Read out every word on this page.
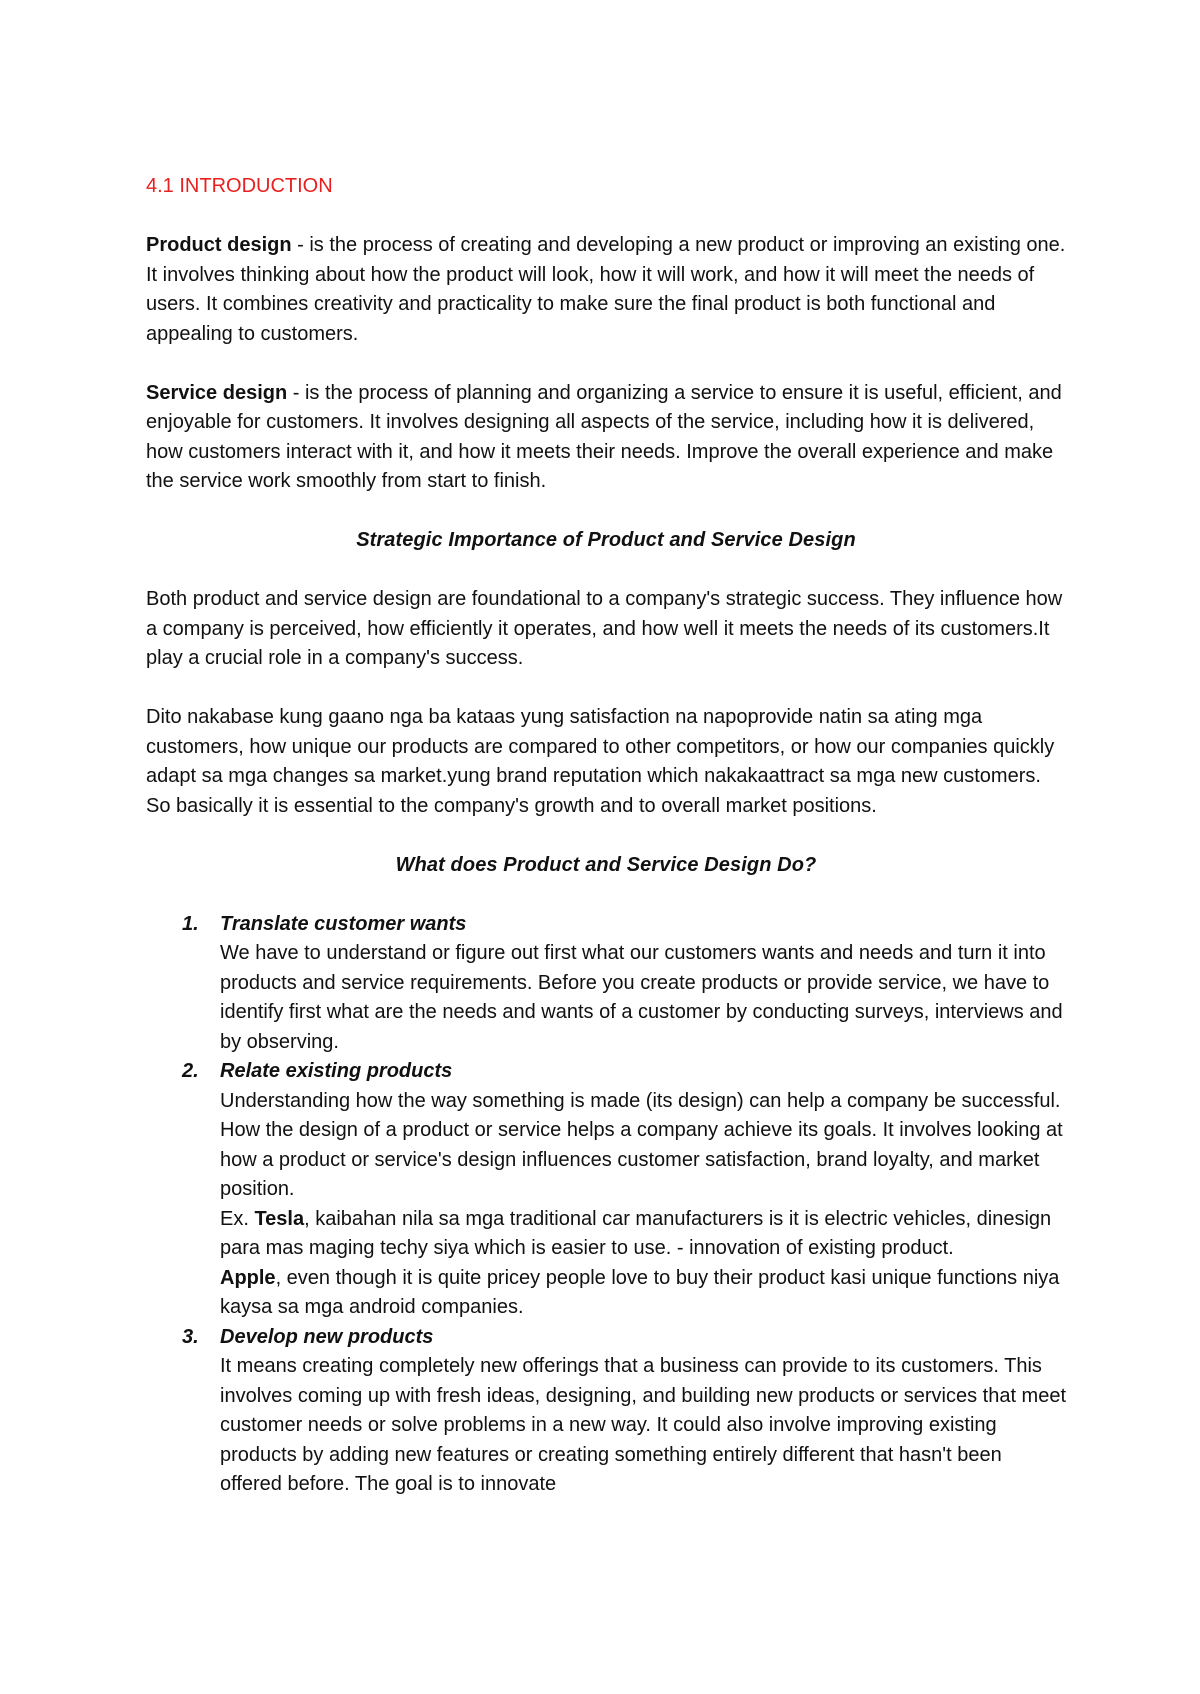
4.1 INTRODUCTION

Product design - is the process of creating and developing a new product or improving an existing one. It involves thinking about how the product will look, how it will work, and how it will meet the needs of users. It combines creativity and practicality to make sure the final product is both functional and appealing to customers.

Service design - is the process of planning and organizing a service to ensure it is useful, efficient, and enjoyable for customers. It involves designing all aspects of the service, including how it is delivered, how customers interact with it, and how it meets their needs. Improve the overall experience and make the service work smoothly from start to finish.

Strategic Importance of Product and Service Design

Both product and service design are foundational to a company's strategic success. They influence how a company is perceived, how efficiently it operates, and how well it meets the needs of its customers.It play a crucial role in a company's success.

Dito nakabase kung gaano nga ba kataas yung satisfaction na napoprovide natin sa ating mga customers, how unique our products are compared to other competitors, or how our companies quickly adapt sa mga changes sa market.yung brand reputation which nakakaattract sa mga new customers. So basically it is essential to the company's growth and to overall market positions.

What does Product and Service Design Do?

1. Translate customer wants
We have to understand or figure out first what our customers wants and needs and turn it into products and service requirements. Before you create products or provide service, we have to identify first what are the needs and wants of a customer by conducting surveys, interviews and by observing.
2. Relate existing products
Understanding how the way something is made (its design) can help a company be successful. How the design of a product or service helps a company achieve its goals. It involves looking at how a product or service's design influences customer satisfaction, brand loyalty, and market position.
Ex. Tesla, kaibahan nila sa mga traditional car manufacturers is it is electric vehicles, dinesign para mas maging techy siya which is easier to use. - innovation of existing product.
Apple, even though it is quite pricey people love to buy their product kasi unique functions niya kaysa sa mga android companies.
3. Develop new products
It means creating completely new offerings that a business can provide to its customers. This involves coming up with fresh ideas, designing, and building new products or services that meet customer needs or solve problems in a new way. It could also involve improving existing products by adding new features or creating something entirely different that hasn't been offered before. The goal is to innovate
